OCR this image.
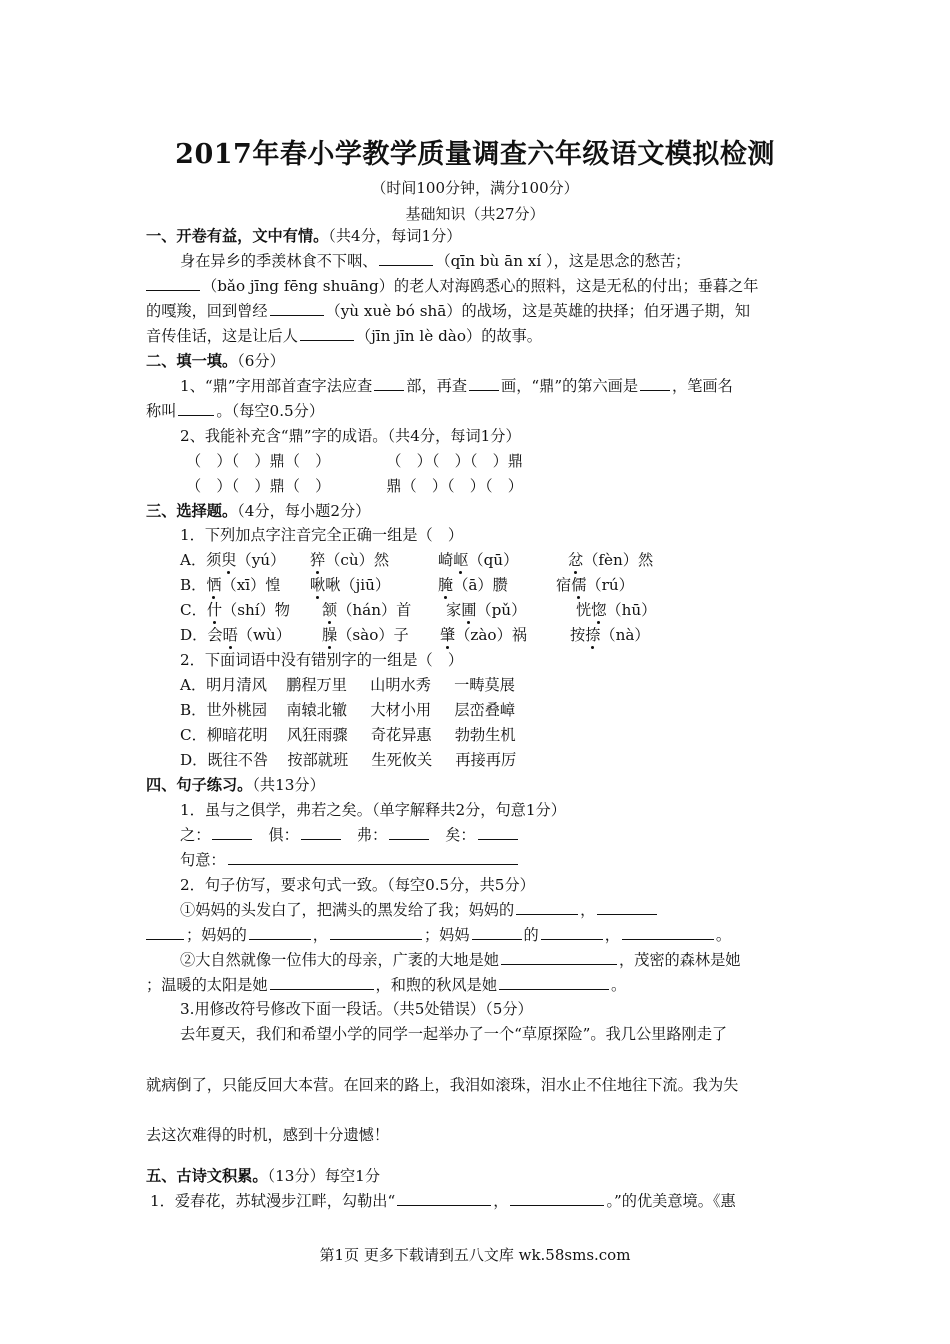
2017年春小学教学质量调查六年级语文模拟检测
（时间100分钟，满分100分）
基础知识（共27分）
一、开卷有益，文中有情。（共4分，每词1分）
身在异乡的季羡林食不下咽、	（qīn bù ān xí ），这是思念的愁苦；
（bǎo jīng fēng shuāng）的老人对海鸥悉心的照料，这是无私的付出；垂暮之年
的嘎羧，回到曾经	（yù xuè bó shā）的战场，这是英雄的抉择；伯牙遇子期，知
音传佳话，这是让后人	（jīn jīn lè dào）的故事。
二、填一填。（6分）
1、“鼎”字用部首查字法应查 部，再查 画，“鼎”的第六画是 ，笔画名
称叫	。（每空0.5分）
2、我能补充含“鼎”字的成语。（共4分，每词1分）
（　）（　）鼎（　）	（　）（　）（　）鼎
（　）（　）鼎（　）	鼎（　）（　）（　）
三、选择题。（4分，每小题2分）
1．下列加点字注音完全正确一组是（　）
A．须臾（yú） 猝（cù）然	崎岖（qū）	忿（fèn）然
B．恓（xī）惶 啾啾（jiū）	腌（ā）臜	宿儒（rú）
C．什（shí）物 颔（hán）首 家圃（pǔ）	恍惚（hū）
D．会晤（wù） 臊（sào）子 肇（zào）祸	按捺（nà）
2．下面词语中没有错别字的一组是（　）
A．明月清风 鹏程万里 山明水秀 一畴莫展
B．世外桃园 南辕北辙 大材小用 层峦叠嶂
C．柳暗花明 风狂雨骤 奇花异惠 勃勃生机
D．既往不咎 按部就班 生死攸关 再接再厉
四、句子练习。（共13分）
1．虽与之俱学，弗若之矣。（单字解释共2分，句意1分）
之：	俱：	弗：	矣：
句意：
2．句子仿写，要求句式一致。（每空0.5分，共5分）
①妈妈的头发白了，把满头的黑发给了我；妈妈的	，
；妈妈的	，	；妈妈	的	，	。
②大自然就像一位伟大的母亲，广袤的大地是她	，茂密的森林是她
；温暖的太阳是她	，和煦的秋风是她	。
3.用修改符号修改下面一段话。（共5处错误）（5分）
去年夏天，我们和希望小学的同学一起举办了一个“草原探险”。我几公里路刚走了
就病倒了，只能反回大本营。在回来的路上，我泪如滚珠，泪水止不住地往下流。我为失
去这次难得的时机，感到十分遗憾！
五、古诗文积累。（13分）每空1分
1．爱春花，苏轼漫步江畔，勾勒出“	，	。”的优美意境。《惠
第1页 更多下载请到五八文库 wk.58sms.com
